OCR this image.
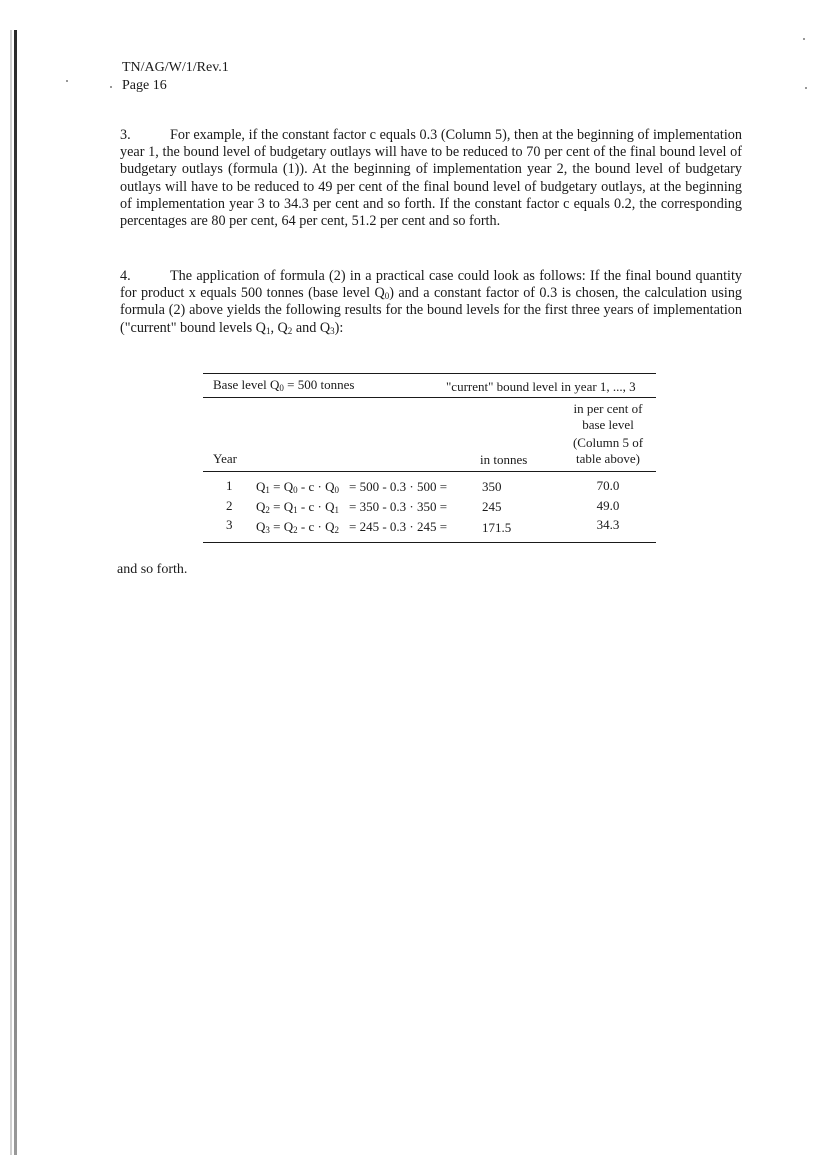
TN/AG/W/1/Rev.1
Page 16

3.	For example, if the constant factor c equals 0.3 (Column 5), then at the beginning of implementation year 1, the bound level of budgetary outlays will have to be reduced to 70 per cent of the final bound level of budgetary outlays (formula (1)). At the beginning of implementation year 2, the bound level of budgetary outlays will have to be reduced to 49 per cent of the final bound level of budgetary outlays, at the beginning of implementation year 3 to 34.3 per cent and so forth. If the constant factor c equals 0.2, the corresponding percentages are 80 per cent, 64 per cent, 51.2 per cent and so forth.

4.	The application of formula (2) in a practical case could look as follows: If the final bound quantity for product x equals 500 tonnes (base level $Q_0$) and a constant factor of 0.3 is chosen, the calculation using formula (2) above yields the following results for the bound levels for the first three years of implementation ("current" bound levels $Q_1$, $Q_2$ and $Q_3$):

Base level $Q_0 = 500$ tonnes	"current" bound level in year 1, ..., 3
in per cent of
base level
(Column 5 of
table above)
Year	in tonnes
1 $Q_1 = Q_0 - c \cdot Q_0 = 500 - 0.3 \cdot 500$ =	350	70.0
2 $Q_2 = Q_1 - c \cdot Q_1 = 350 - 0.3 \cdot 350$ =	245	49.0
3 $Q_3 = Q_2 - c \cdot Q_2 = 245 - 0.3 \cdot 245$ =	171.5	34.3
and so forth.
